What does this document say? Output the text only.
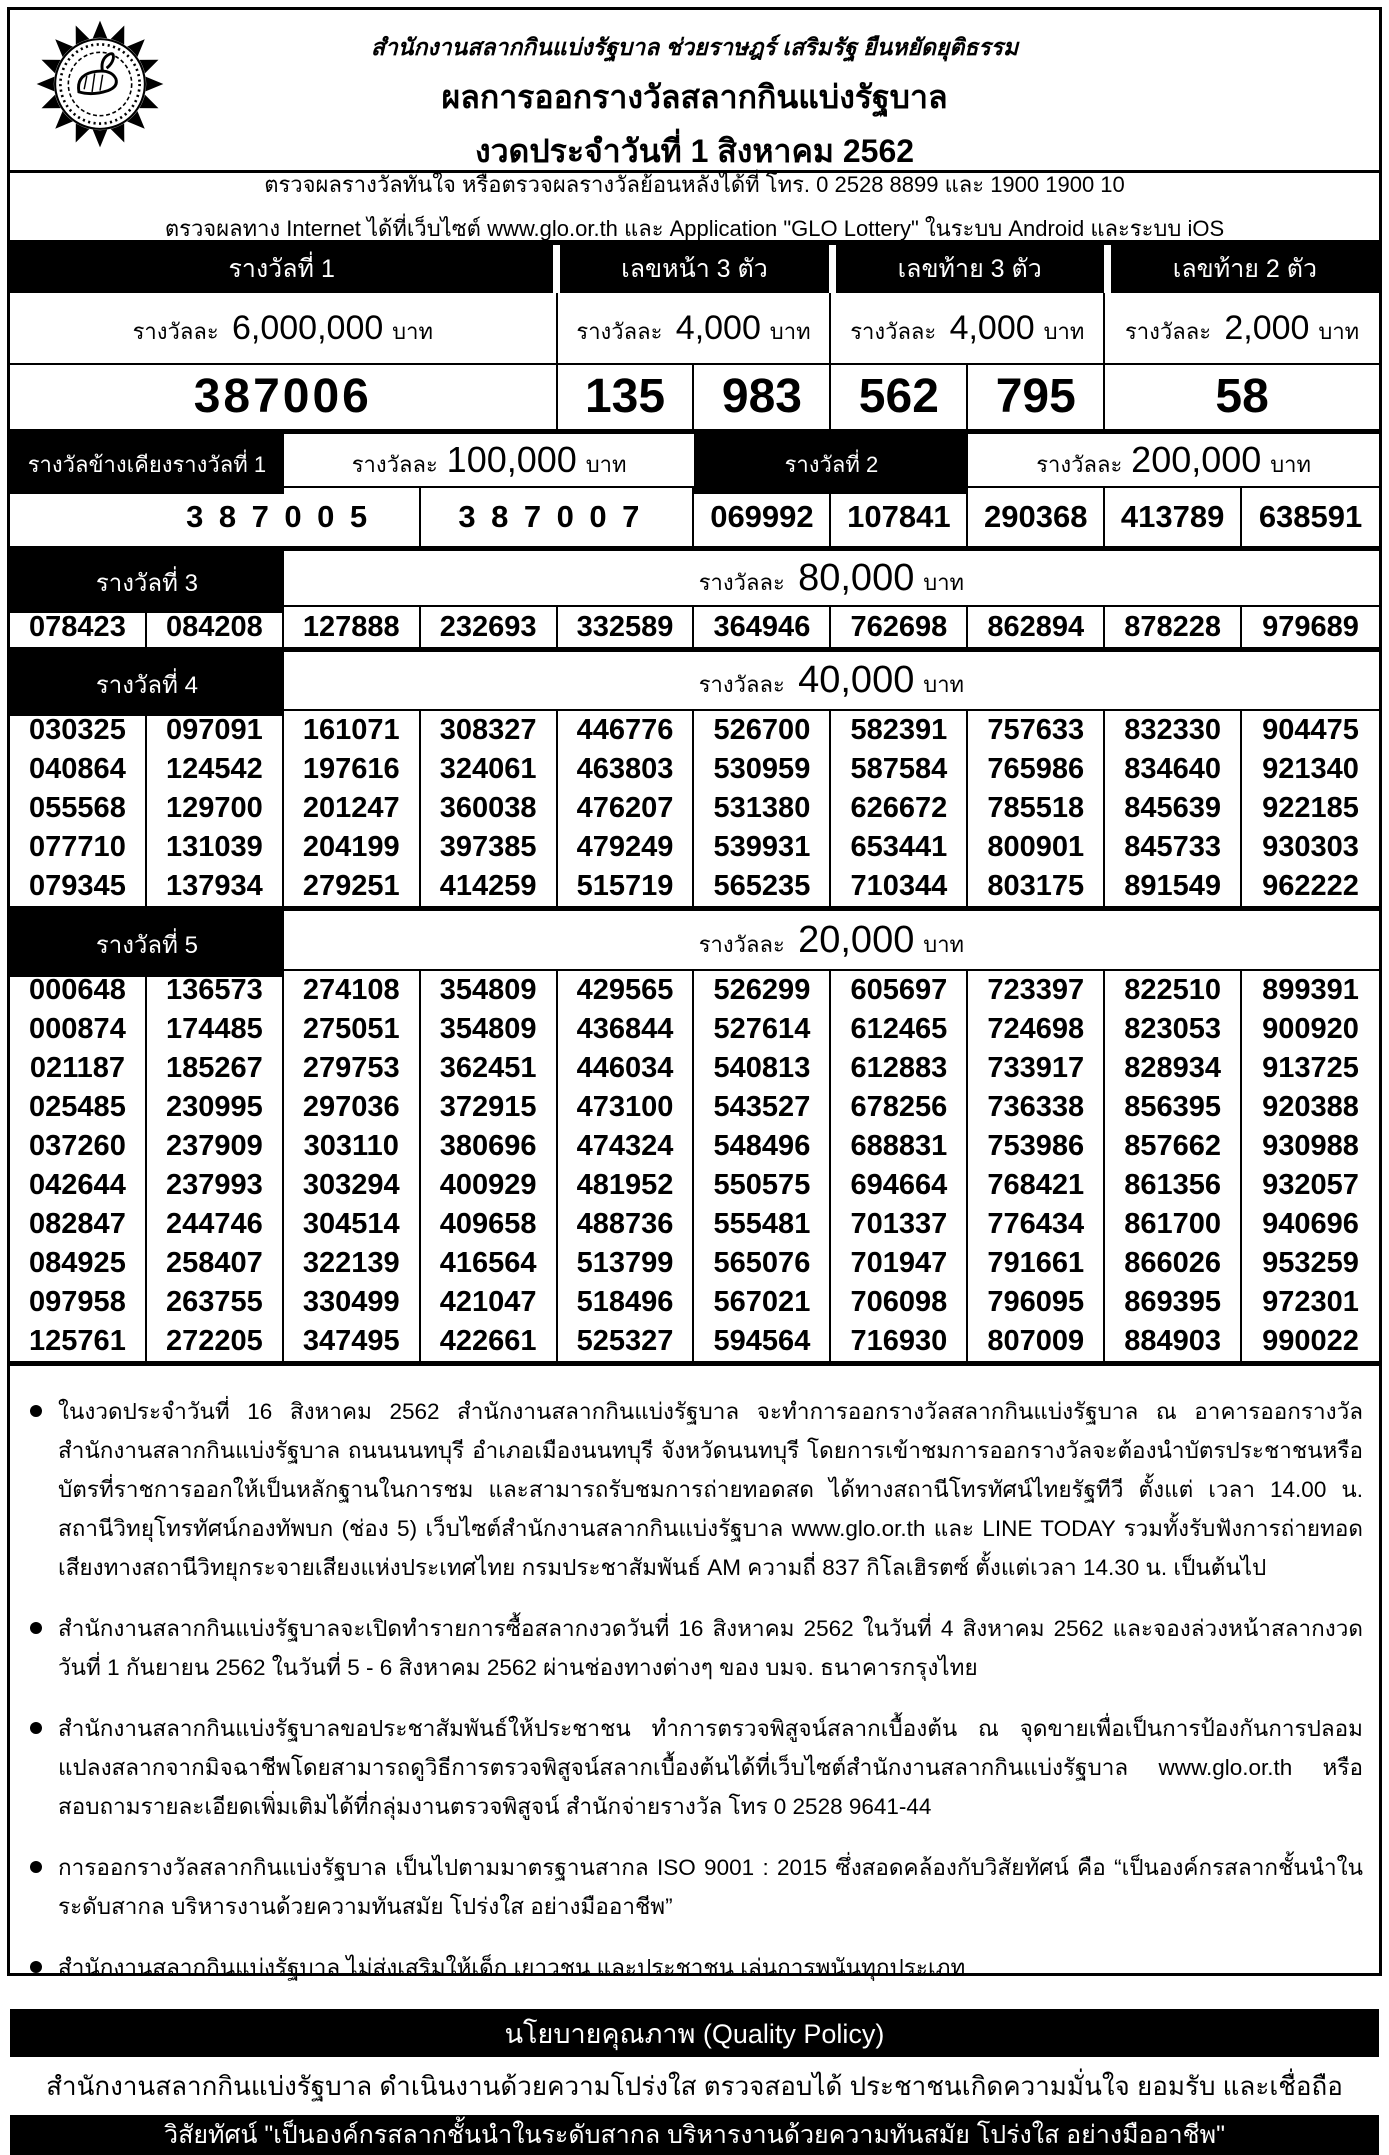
สำนักงานสลากกินแบ่งรัฐบาล ช่วยราษฎร์ เสริมรัฐ ยืนหยัดยุติธรรม
ผลการออกรางวัลสลากกินแบ่งรัฐบาล
งวดประจำวันที่ 1 สิงหาคม 2562
ตรวจผลรางวัลทันใจ หรือตรวจผลรางวัลย้อนหลังได้ที่ โทร. 0 2528 8899 และ 1900 1900 10
ตรวจผลทาง Internet ได้ที่เว็บไซต์ www.glo.or.th และ Application "GLO Lottery" ในระบบ Android และระบบ iOS
รางวัลที่ 1	เลขหน้า 3 ตัว	เลขท้าย 3 ตัว	เลขท้าย 2 ตัว
รางวัลละ 6,000,000 บาท	รางวัลละ 4,000 บาท	รางวัลละ 4,000 บาท	รางวัลละ 2,000 บาท
387006	135	983	562	795	58
รางวัลข้างเคียงรางวัลที่ 1	รางวัลละ 100,000 บาท	รางวัลที่ 2	รางวัลละ 200,000 บาท
387005	387007	069992	107841	290368	413789	638591
รางวัลที่ 3	รางวัลละ 80,000 บาท
078423	084208	127888	232693	332589	364946	762698	862894	878228	979689
รางวัลที่ 4	รางวัลละ 40,000 บาท
030325	097091	161071	308327	446776	526700	582391	757633	832330	904475
040864	124542	197616	324061	463803	530959	587584	765986	834640	921340
055568	129700	201247	360038	476207	531380	626672	785518	845639	922185
077710	131039	204199	397385	479249	539931	653441	800901	845733	930303
079345	137934	279251	414259	515719	565235	710344	803175	891549	962222
รางวัลที่ 5	รางวัลละ 20,000 บาท
000648	136573	274108	354809	429565	526299	605697	723397	822510	899391
000874	174485	275051	354809	436844	527614	612465	724698	823053	900920
021187	185267	279753	362451	446034	540813	612883	733917	828934	913725
025485	230995	297036	372915	473100	543527	678256	736338	856395	920388
037260	237909	303110	380696	474324	548496	688831	753986	857662	930988
042644	237993	303294	400929	481952	550575	694664	768421	861356	932057
082847	244746	304514	409658	488736	555481	701337	776434	861700	940696
084925	258407	322139	416564	513799	565076	701947	791661	866026	953259
097958	263755	330499	421047	518496	567021	706098	796095	869395	972301
125761	272205	347495	422661	525327	594564	716930	807009	884903	990022
ในงวดประจำวันที่ 16 สิงหาคม 2562 สำนักงานสลากกินแบ่งรัฐบาล จะทำการออกรางวัลสลากกินแบ่งรัฐบาล ณ อาคารออกรางวัล สำนักงานสลากกินแบ่งรัฐบาล ถนนนนทบุรี อำเภอเมืองนนทบุรี จังหวัดนนทบุรี โดยการเข้าชมการออกรางวัลจะต้องนำบัตรประชาชนหรือบัตรที่ราชการออกให้เป็นหลักฐานในการชม และสามารถรับชมการถ่ายทอดสด ได้ทางสถานีโทรทัศน์ไทยรัฐทีวี ตั้งแต่ เวลา 14.00 น. สถานีวิทยุโทรทัศน์กองทัพบก (ช่อง 5) เว็บไซต์สำนักงานสลากกินแบ่งรัฐบาล www.glo.or.th และ LINE TODAY รวมทั้งรับฟังการถ่ายทอดเสียงทางสถานีวิทยุกระจายเสียงแห่งประเทศไทย กรมประชาสัมพันธ์ AM ความถี่ 837 กิโลเฮิรตซ์ ตั้งแต่เวลา 14.30 น. เป็นต้นไป
สำนักงานสลากกินแบ่งรัฐบาลจะเปิดทำรายการซื้อสลากงวดวันที่ 16 สิงหาคม 2562 ในวันที่ 4 สิงหาคม 2562 และจองล่วงหน้าสลากงวดวันที่ 1 กันยายน 2562 ในวันที่ 5 - 6 สิงหาคม 2562 ผ่านช่องทางต่างๆ ของ บมจ. ธนาคารกรุงไทย
สำนักงานสลากกินแบ่งรัฐบาลขอประชาสัมพันธ์ให้ประชาชน ทำการตรวจพิสูจน์สลากเบื้องต้น ณ จุดขายเพื่อเป็นการป้องกันการปลอมแปลงสลากจากมิจฉาชีพโดยสามารถดูวิธีการตรวจพิสูจน์สลากเบื้องต้นได้ที่เว็บไซต์สำนักงานสลากกินแบ่งรัฐบาล www.glo.or.th หรือสอบถามรายละเอียดเพิ่มเติมได้ที่กลุ่มงานตรวจพิสูจน์ สำนักจ่ายรางวัล โทร 0 2528 9641-44
การออกรางวัลสลากกินแบ่งรัฐบาล เป็นไปตามมาตรฐานสากล ISO 9001 : 2015 ซึ่งสอดคล้องกับวิสัยทัศน์ คือ “เป็นองค์กรสลากชั้นนำในระดับสากล บริหารงานด้วยความทันสมัย โปร่งใส อย่างมืออาชีพ”
สำนักงานสลากกินแบ่งรัฐบาล ไม่ส่งเสริมให้เด็ก เยาวชน และประชาชน เล่นการพนันทุกประเภท
นโยบายคุณภาพ (Quality Policy)
สำนักงานสลากกินแบ่งรัฐบาล ดำเนินงานด้วยความโปร่งใส ตรวจสอบได้ ประชาชนเกิดความมั่นใจ ยอมรับ และเชื่อถือ
วิสัยทัศน์ "เป็นองค์กรสลากชั้นนำในระดับสากล บริหารงานด้วยความทันสมัย โปร่งใส อย่างมืออาชีพ"
